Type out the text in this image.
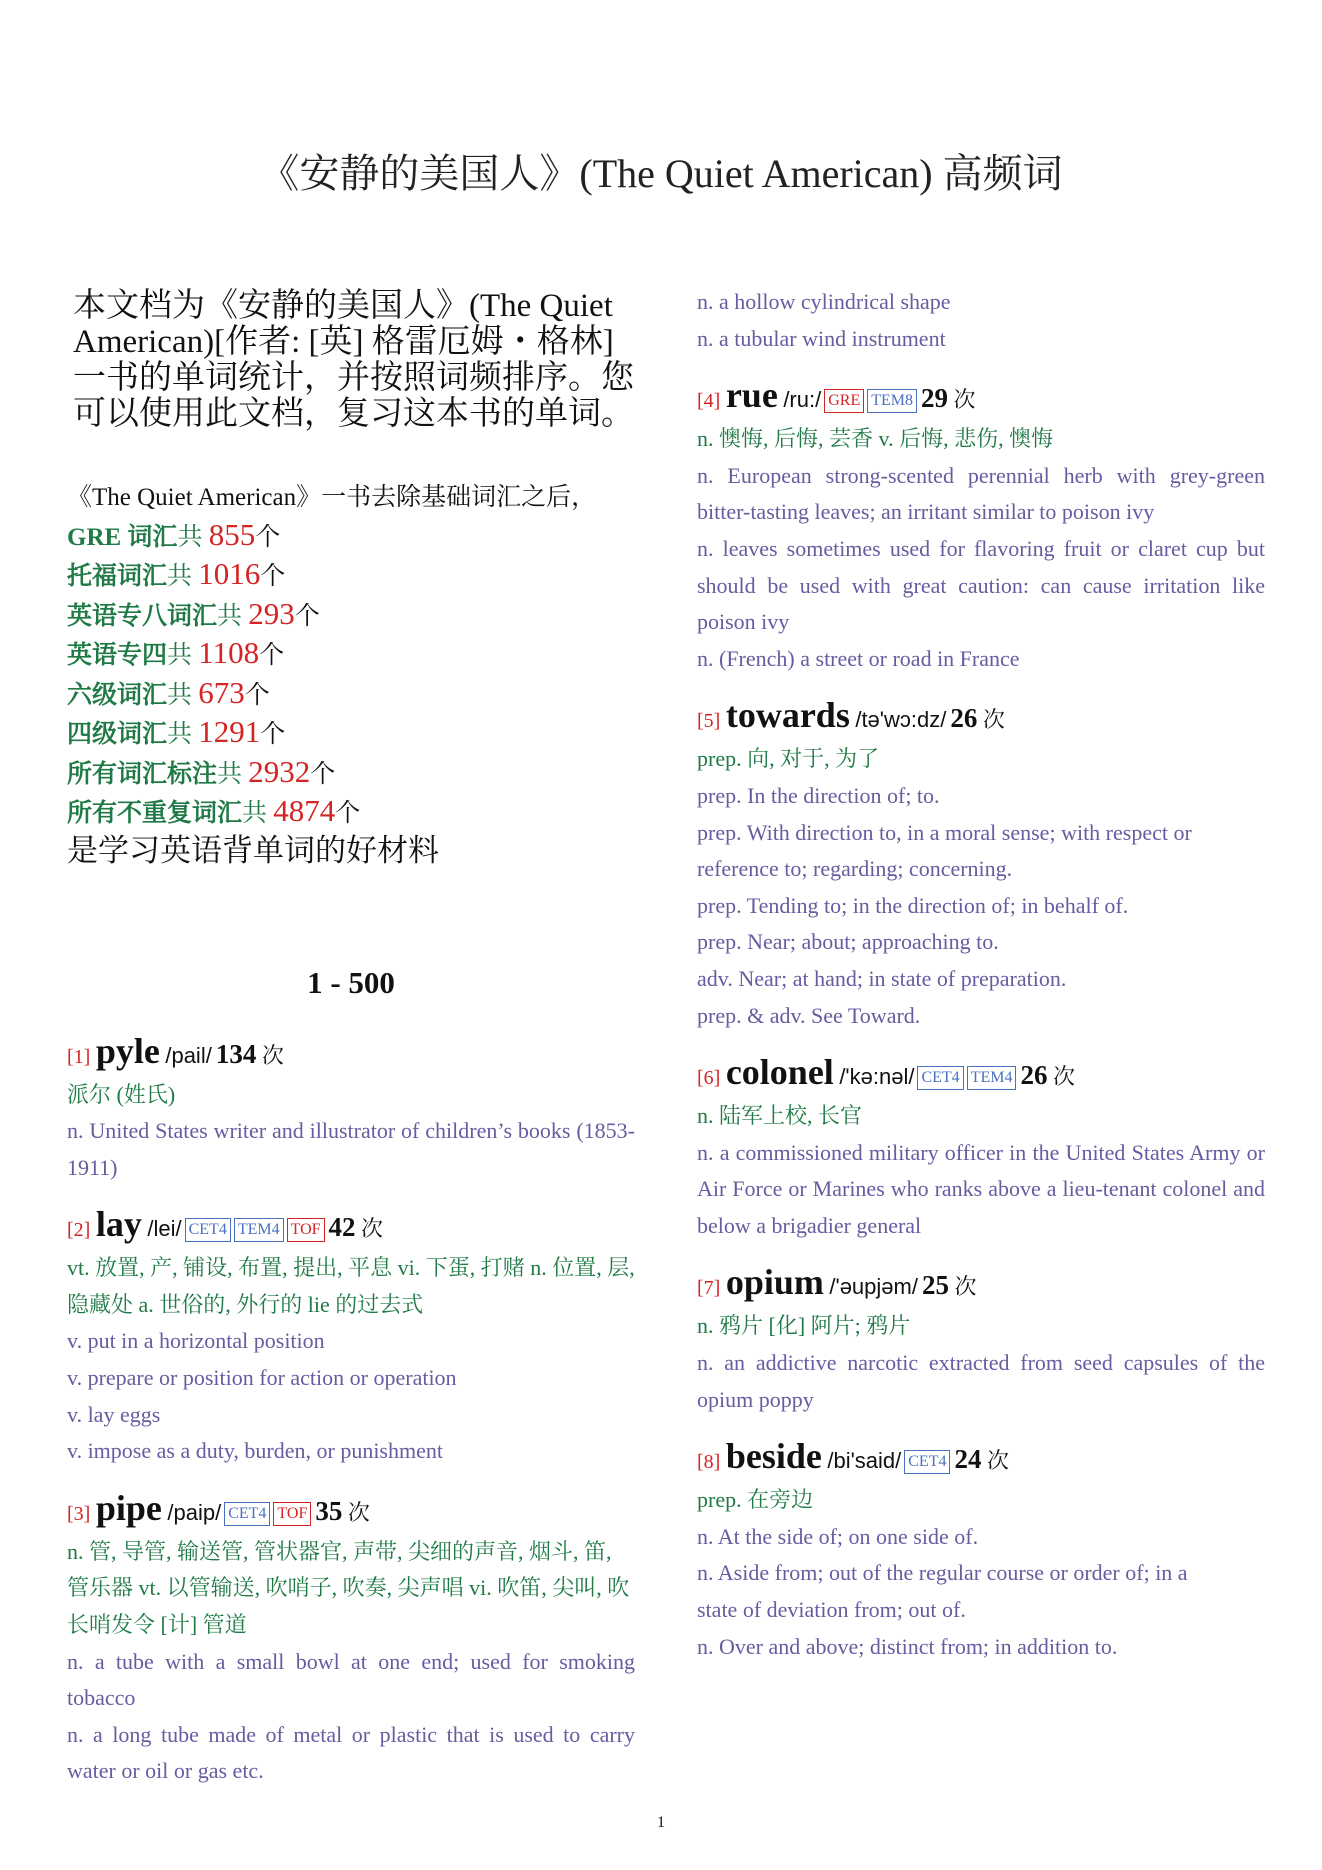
《安静的美国人》(The Quiet American) 高频词
本文档为《安静的美国人》(The Quiet American)[作者: [英] 格雷厄姆・格林] 一书的单词统计，并按照词频排序。您可以使用此文档，复习这本书的单词。
《The Quiet American》一书去除基础词汇之后，
GRE 词汇共 855个
托福词汇共 1016个
英语专八词汇共 293个
英语专四共 1108个
六级词汇共 673个
四级词汇共 1291个
所有词汇标注共 2932个
所有不重复词汇共 4874个
是学习英语背单词的好材料
1 - 500
[1] pyle /pail/ 134 次
派尔 (姓氏)
n. United States writer and illustrator of children’s books (1853-1911)
[2] lay /lei/ CET4 TEM4 TOF 42 次
vt. 放置, 产, 铺设, 布置, 提出, 平息 vi. 下蛋, 打赌 n. 位置, 层, 隐藏处 a. 世俗的, 外行的 lie 的过去式
v. put in a horizontal position
v. prepare or position for action or operation
v. lay eggs
v. impose as a duty, burden, or punishment
[3] pipe /paip/ CET4 TOF 35 次
n. 管, 导管, 输送管, 管状器官, 声带, 尖细的声音, 烟斗, 笛, 管乐器 vt. 以管输送, 吹哨子, 吹奏, 尖声唱 vi. 吹笛, 尖叫, 吹长哨发令 [计] 管道
n. a tube with a small bowl at one end; used for smoking tobacco
n. a long tube made of metal or plastic that is used to carry water or oil or gas etc.
n. a hollow cylindrical shape
n. a tubular wind instrument
[4] rue /ru:/ GRE TEM8 29 次
n. 懊悔, 后悔, 芸香 v. 后悔, 悲伤, 懊悔
n. European strong-scented perennial herb with grey-green bitter-tasting leaves; an irritant similar to poison ivy
n. leaves sometimes used for flavoring fruit or claret cup but should be used with great caution: can cause irritation like poison ivy
n. (French) a street or road in France
[5] towards /tə'wɔ:dz/ 26 次
prep. 向, 对于, 为了
prep. In the direction of; to.
prep. With direction to, in a moral sense; with respect or
reference to; regarding; concerning.
prep. Tending to; in the direction of; in behalf of.
prep. Near; about; approaching to.
adv. Near; at hand; in state of preparation.
prep. & adv. See Toward.
[6] colonel /'kə:nəl/ CET4 TEM4 26 次
n. 陆军上校, 长官
n. a commissioned military officer in the United States Army or Air Force or Marines who ranks above a lieu-tenant colonel and below a brigadier general
[7] opium /'əupjəm/ 25 次
n. 鸦片 [化] 阿片; 鸦片
n. an addictive narcotic extracted from seed capsules of the opium poppy
[8] beside /bi'said/ CET4 24 次
prep. 在旁边
n. At the side of; on one side of.
n. Aside from; out of the regular course or order of; in a
state of deviation from; out of.
n. Over and above; distinct from; in addition to.
1
